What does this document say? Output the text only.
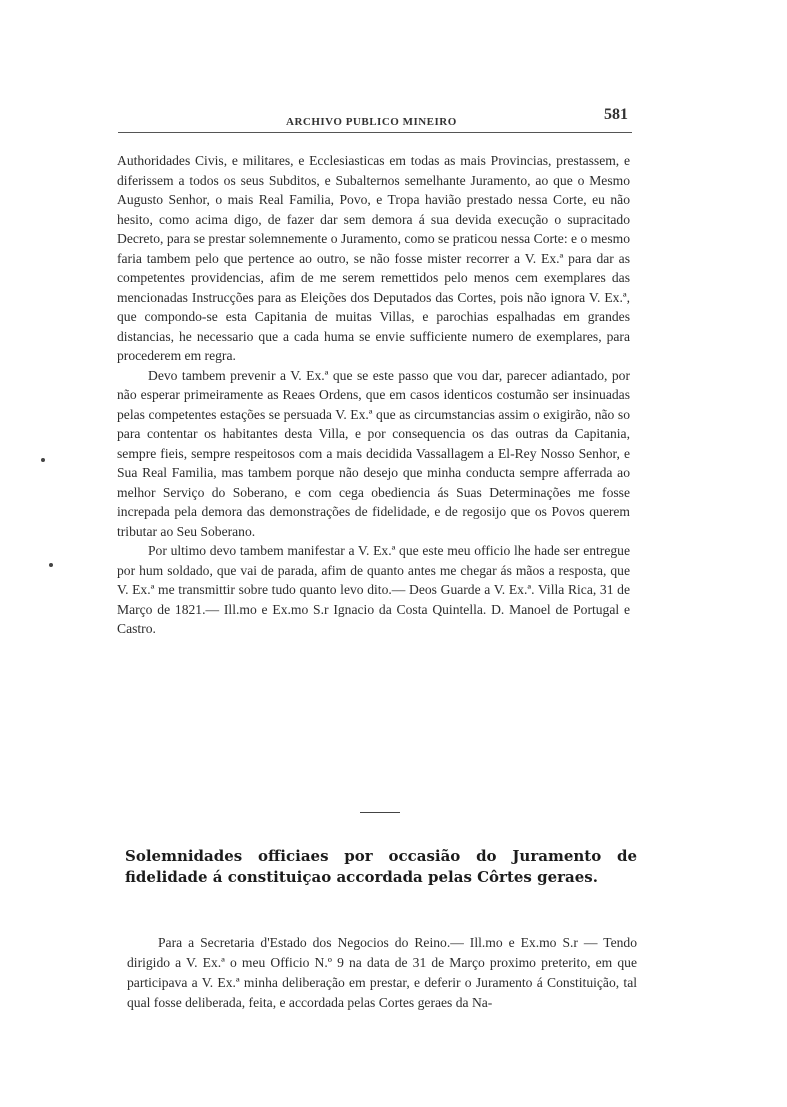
ARCHIVO PUBLICO MINEIRO	581

Authoridades Civis, e militares, e Ecclesiasticas em todas as mais Provincias, prestassem, e diferissem a todos os seus Subditos, e Subalternos semelhante Juramento, ao que o Mesmo Augusto Senhor, o mais Real Familia, Povo, e Tropa havião prestado nessa Corte, eu não hesito, como acima digo, de fazer dar sem demora á sua devida execução o supracitado Decreto, para se prestar solemnemente o Juramento, como se praticou nessa Corte: e o mesmo faria tambem pelo que pertence ao outro, se não fosse mister recorrer a V. Ex.ª para dar as competentes providencias, afim de me serem remettidos pelo menos cem exemplares das mencionadas Instrucções para as Eleições dos Deputados das Cortes, pois não ignora V. Ex.ª, que compondo-se esta Capitania de muitas Villas, e parochias espalhadas em grandes distancias, he necessario que a cada huma se envie sufficiente numero de exemplares, para procederem em regra.

Devo tambem prevenir a V. Ex.ª que se este passo que vou dar, parecer adiantado, por não esperar primeiramente as Reaes Ordens, que em casos identicos costumão ser insinuadas pelas competentes estações se persuada V. Ex.ª que as circumstancias assim o exigirão, não so para contentar os habitantes desta Villa, e por consequencia os das outras da Capitania, sempre fieis, sempre respeitosos com a mais decidida Vassallagem a El-Rey Nosso Senhor, e Sua Real Familia, mas tambem porque não desejo que minha conducta sempre afferrada ao melhor Serviço do Soberano, e com cega obediencia ás Suas Determinações me fosse increpada pela demora das demonstrações de fidelidade, e de regosijo que os Povos querem tributar ao Seu Soberano.

Por ultimo devo tambem manifestar a V. Ex.ª que este meu officio lhe hade ser entregue por hum soldado, que vai de parada, afim de quanto antes me chegar ás mãos a resposta, que V. Ex.ª me transmittir sobre tudo quanto levo dito.— Deos Guarde a V. Ex.ª. Villa Rica, 31 de Março de 1821.— Ill.mo e Ex.mo S.r Ignacio da Costa Quintella. D. Manoel de Portugal e Castro.

Solemnidades officiaes por occasião do Juramento de fidelidade á constituiçao accordada pelas Côrtes geraes.

Para a Secretaria d'Estado dos Negocios do Reino.— Ill.mo e Ex.mo S.r — Tendo dirigido a V. Ex.ª o meu Officio N.º 9 na data de 31 de Março proximo preterito, em que participava a V. Ex.ª minha deliberação em prestar, e deferir o Juramento á Constituição, tal qual fosse deliberada, feita, e accordada pelas Cortes geraes da Na-
